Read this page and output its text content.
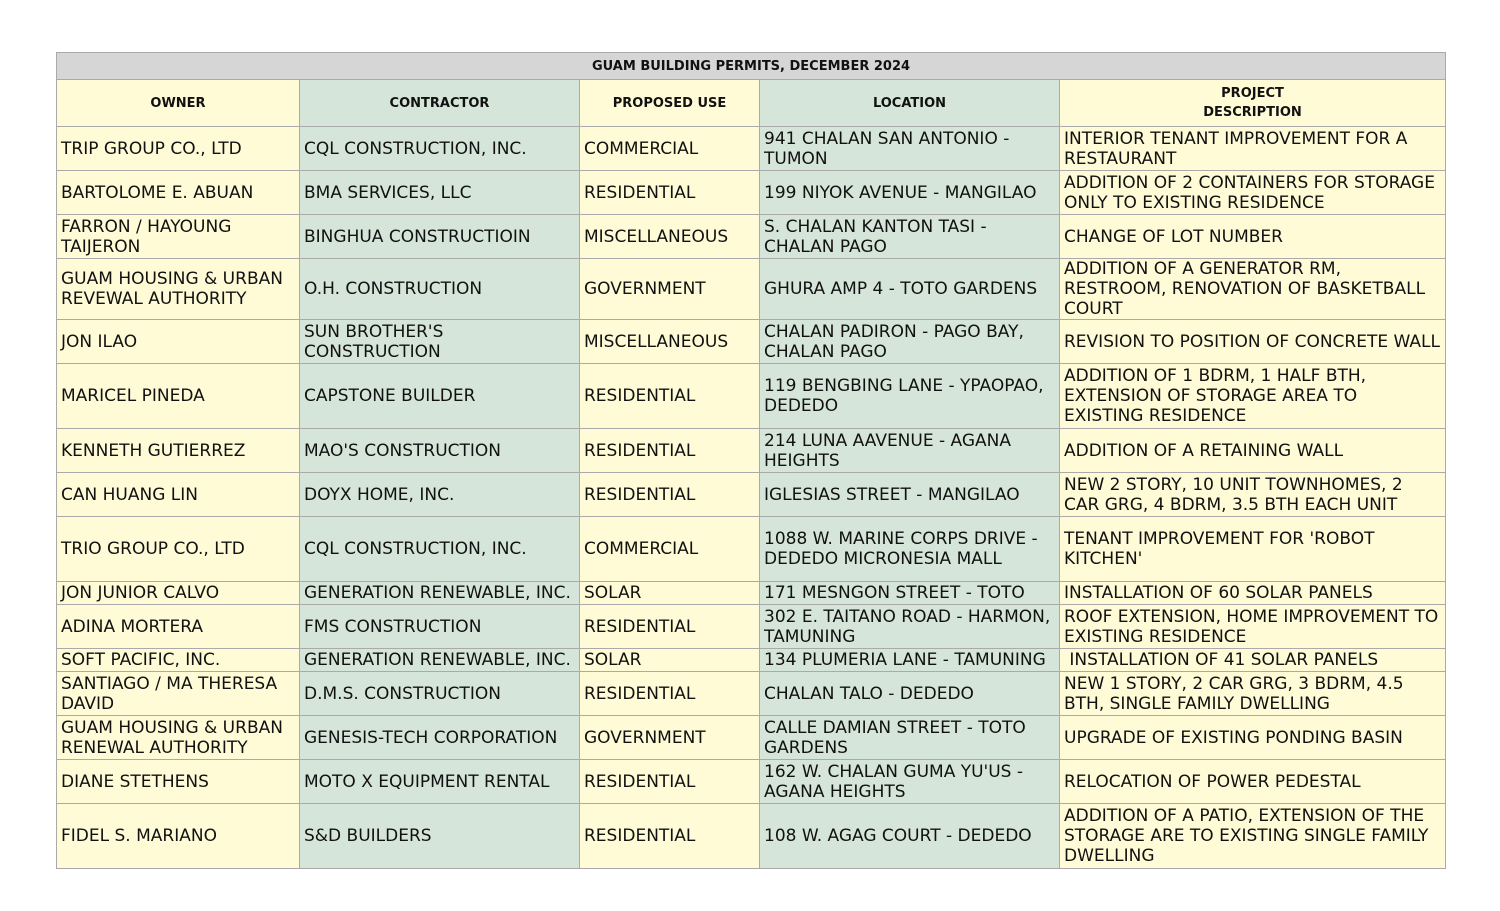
GUAM BUILDING PERMITS, DECEMBER 2024				
OWNER	CONTRACTOR	PROPOSED USE	LOCATION	PROJECT
DESCRIPTION
TRIP GROUP CO., LTD	CQL CONSTRUCTION, INC.	COMMERCIAL	941 CHALAN SAN ANTONIO - TUMON	INTERIOR TENANT IMPROVEMENT FOR A RESTAURANT
BARTOLOME E. ABUAN	BMA SERVICES, LLC	RESIDENTIAL	199 NIYOK AVENUE - MANGILAO	ADDITION OF 2 CONTAINERS FOR STORAGE ONLY TO EXISTING RESIDENCE
FARRON / HAYOUNG TAIJERON	BINGHUA CONSTRUCTIOIN	MISCELLANEOUS	S. CHALAN KANTON TASI - CHALAN PAGO	CHANGE OF LOT NUMBER
GUAM HOUSING & URBAN REVEWAL AUTHORITY	O.H. CONSTRUCTION	GOVERNMENT	GHURA AMP 4 - TOTO GARDENS	ADDITION OF A GENERATOR RM, RESTROOM, RENOVATION OF BASKETBALL COURT
JON ILAO	SUN BROTHER'S CONSTRUCTION	MISCELLANEOUS	CHALAN PADIRON - PAGO BAY, CHALAN PAGO	REVISION TO POSITION OF CONCRETE WALL
MARICEL PINEDA	CAPSTONE BUILDER	RESIDENTIAL	119 BENGBING LANE - YPAOPAO, DEDEDO	ADDITION OF 1 BDRM, 1 HALF BTH, EXTENSION OF STORAGE AREA TO EXISTING RESIDENCE
KENNETH GUTIERREZ	MAO'S CONSTRUCTION	RESIDENTIAL	214 LUNA AAVENUE - AGANA HEIGHTS	ADDITION OF A RETAINING WALL
CAN HUANG LIN	DOYX HOME, INC.	RESIDENTIAL	IGLESIAS STREET - MANGILAO	NEW 2 STORY, 10 UNIT TOWNHOMES, 2 CAR GRG, 4 BDRM, 3.5 BTH EACH UNIT
TRIO GROUP CO., LTD	CQL CONSTRUCTION, INC.	COMMERCIAL	1088 W. MARINE CORPS DRIVE - DEDEDO MICRONESIA MALL	TENANT IMPROVEMENT FOR 'ROBOT KITCHEN'
JON JUNIOR CALVO	GENERATION RENEWABLE, INC.	SOLAR	171 MESNGON STREET - TOTO	INSTALLATION OF 60 SOLAR PANELS
ADINA MORTERA	FMS CONSTRUCTION	RESIDENTIAL	302 E. TAITANO ROAD - HARMON, TAMUNING	ROOF EXTENSION, HOME IMPROVEMENT TO EXISTING RESIDENCE
SOFT PACIFIC, INC.	GENERATION RENEWABLE, INC.	SOLAR	134 PLUMERIA LANE - TAMUNING	INSTALLATION OF 41 SOLAR PANELS
SANTIAGO / MA THERESA DAVID	D.M.S. CONSTRUCTION	RESIDENTIAL	CHALAN TALO - DEDEDO	NEW 1 STORY, 2 CAR GRG, 3 BDRM, 4.5 BTH, SINGLE FAMILY DWELLING
GUAM HOUSING & URBAN RENEWAL AUTHORITY	GENESIS-TECH CORPORATION	GOVERNMENT	CALLE DAMIAN STREET - TOTO GARDENS	UPGRADE OF EXISTING PONDING BASIN
DIANE STETHENS	MOTO X EQUIPMENT RENTAL	RESIDENTIAL	162 W. CHALAN GUMA YU'US - AGANA HEIGHTS	RELOCATION OF POWER PEDESTAL
FIDEL S. MARIANO	S&D BUILDERS	RESIDENTIAL	108 W. AGAG COURT - DEDEDO	ADDITION OF A PATIO, EXTENSION OF THE STORAGE ARE TO EXISTING SINGLE FAMILY DWELLING
